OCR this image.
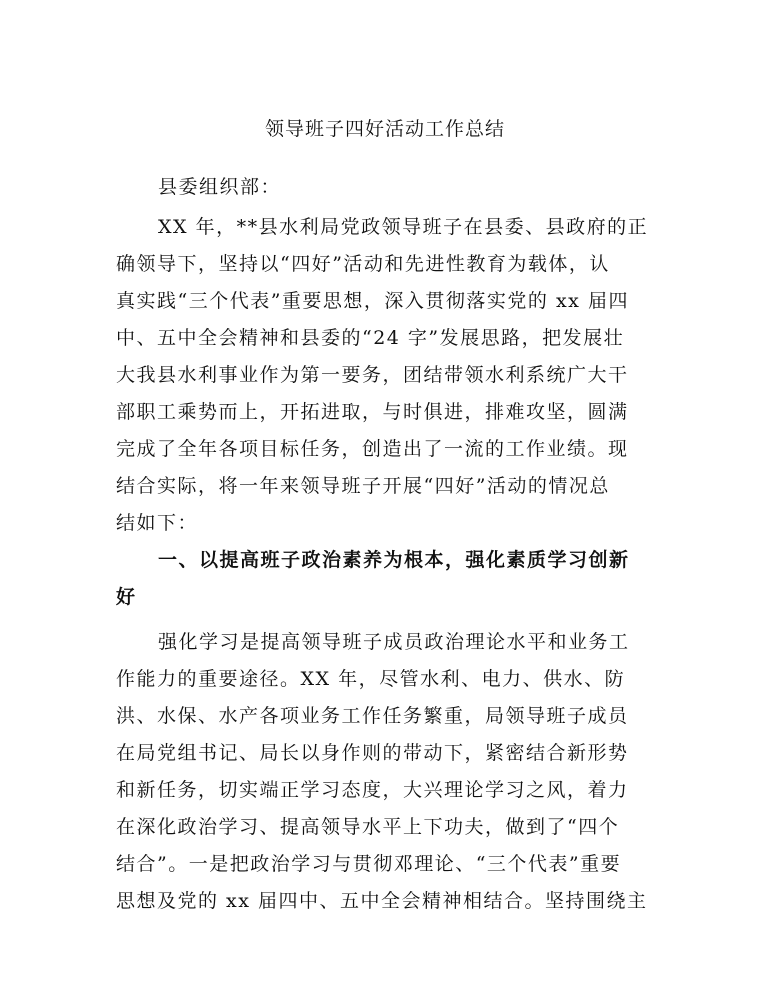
领导班子四好活动工作总结
县委组织部：
XX 年，**县水利局党政领导班子在县委、县政府的正
确领导下，坚持以“四好”活动和先进性教育为载体，认
真实践“三个代表”重要思想，深入贯彻落实党的 xx 届四
中、五中全会精神和县委的“24 字”发展思路，把发展壮
大我县水利事业作为第一要务，团结带领水利系统广大干
部职工乘势而上，开拓进取，与时俱进，排难攻坚，圆满
完成了全年各项目标任务，创造出了一流的工作业绩。现
结合实际，将一年来领导班子开展“四好”活动的情况总
结如下：
一、以提高班子政治素养为根本，强化素质学习创新
好
强化学习是提高领导班子成员政治理论水平和业务工
作能力的重要途径。XX 年，尽管水利、电力、供水、防
洪、水保、水产各项业务工作任务繁重，局领导班子成员
在局党组书记、局长以身作则的带动下，紧密结合新形势
和新任务，切实端正学习态度，大兴理论学习之风，着力
在深化政治学习、提高领导水平上下功夫，做到了“四个
结合”。一是把政治学习与贯彻邓理论、“三个代表”重要
思想及党的 xx 届四中、五中全会精神相结合。坚持围绕主
